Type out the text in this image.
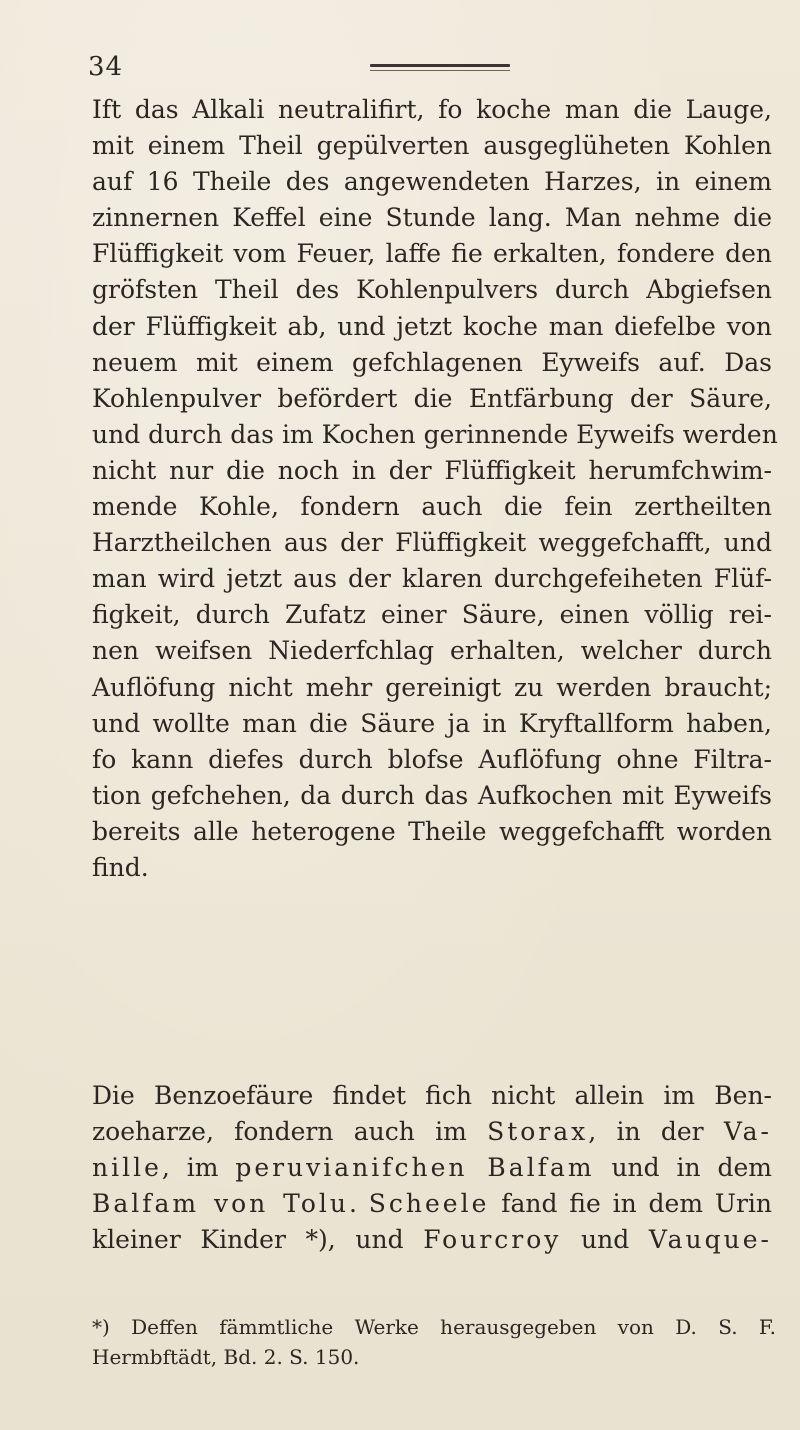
34
Ift das Alkali neutralifirt, fo koche man die Lauge,
mit einem Theil gepülverten ausgeglüheten Kohlen
auf 16 Theile des angewendeten Harzes, in einem
zinnernen Keffel eine Stunde lang. Man nehme die
Flüffigkeit vom Feuer, laffe fie erkalten, fondere den
gröfsten Theil des Kohlenpulvers durch Abgiefsen
der Flüffigkeit ab, und jetzt koche man diefelbe von
neuem mit einem gefchlagenen Eyweifs auf. Das
Kohlenpulver befördert die Entfärbung der Säure,
und durch das im Kochen gerinnende Eyweifs werden
nicht nur die noch in der Flüffigkeit herumfchwim-
mende Kohle, fondern auch die fein zertheilten
Harztheilchen aus der Flüffigkeit weggefchafft, und
man wird jetzt aus der klaren durchgefeiheten Flüf-
figkeit, durch Zufatz einer Säure, einen völlig rei-
nen weifsen Niederfchlag erhalten, welcher durch
Auflöfung nicht mehr gereinigt zu werden braucht;
und wollte man die Säure ja in Kryftallform haben,
fo kann diefes durch blofse Auflöfung ohne Filtra-
tion gefchehen, da durch das Aufkochen mit Eyweifs
bereits alle heterogene Theile weggefchafft worden
find.
Die Benzoefäure findet fich nicht allein im Ben-
zoeharze, fondern auch im Storax, in der Va-
nille, im peruvianifchen Balfam und in dem
Balfam von Tolu. Scheele fand fie in dem Urin
kleiner Kinder *), und Fourcroy und Vauque-
*) Deffen fämmtliche Werke herausgegeben von D. S. F.
Hermbftädt, Bd. 2. S. 150.
